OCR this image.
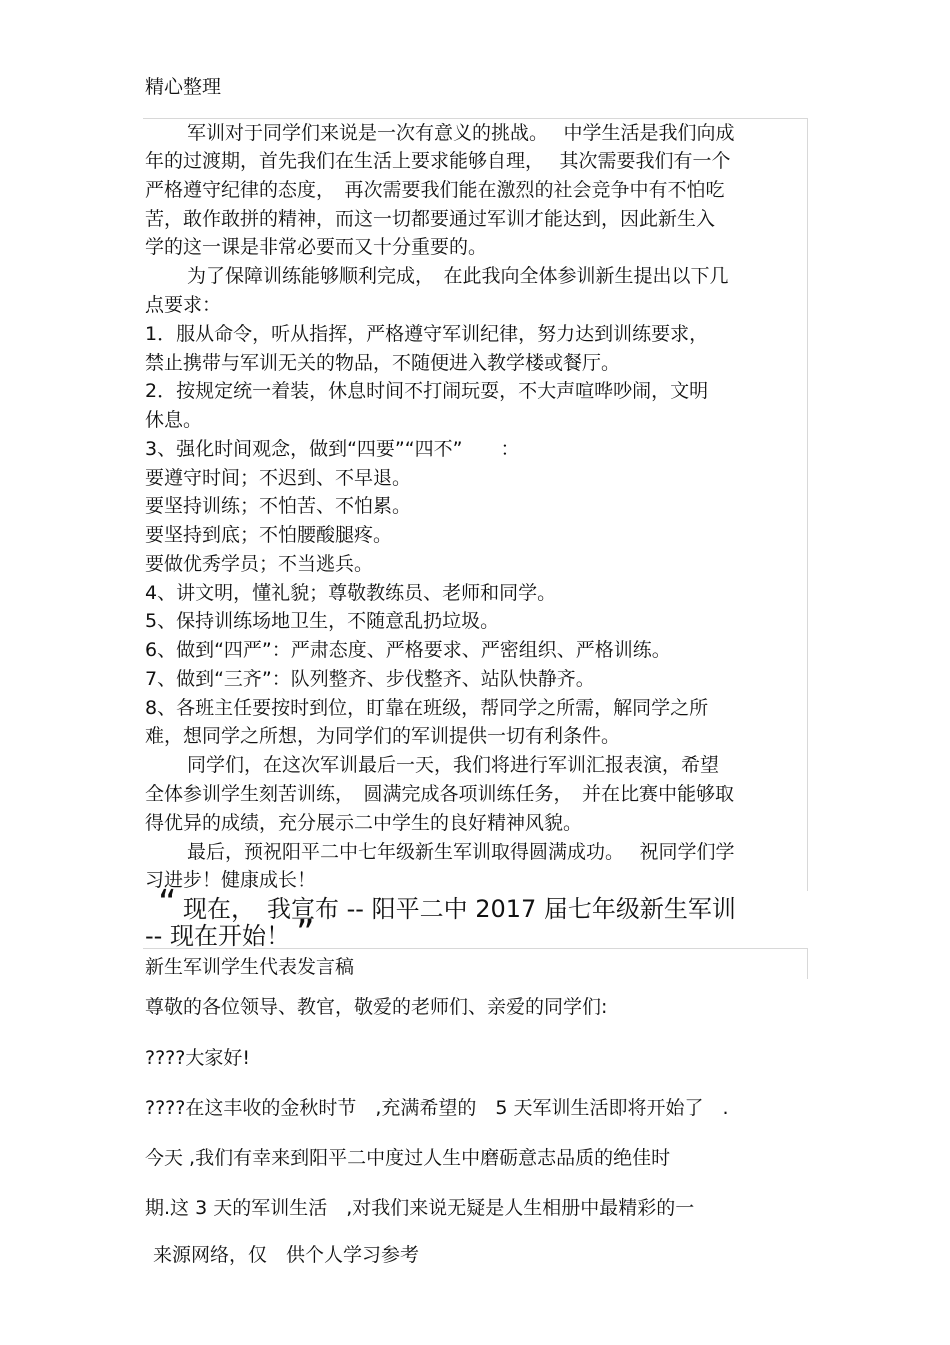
精心整理
军训对于同学们来说是一次有意义的挑战。　 中学生活是我们向成
年的过渡期，首先我们在生活上要求能够自理，　 其次需要我们有一个
严格遵守纪律的态度，　再次需要我们能在激烈的社会竞争中有不怕吃
苦，敢作敢拼的精神，而这一切都要通过军训才能达到，因此新生入
学的这一课是非常必要而又十分重要的。
为了保障训练能够顺利完成，　在此我向全体参训新生提出以下几
点要求：
1．服从命令，听从指挥，严格遵守军训纪律，努力达到训练要求，
禁止携带与军训无关的物品，不随便进入教学楼或餐厅。
2．按规定统一着装，休息时间不打闹玩耍，不大声喧哗吵闹，文明
休息。
3、强化时间观念，做到“四要”“四不”　　：
要遵守时间；不迟到、不早退。
要坚持训练；不怕苦、不怕累。
要坚持到底；不怕腰酸腿疼。
要做优秀学员；不当逃兵。
4、讲文明，懂礼貌；尊敬教练员、老师和同学。
5、保持训练场地卫生，不随意乱扔垃圾。
6、做到“四严”：严肃态度、严格要求、严密组织、严格训练。
7、做到“三齐”：队列整齐、步伐整齐、站队快静齐。
8、各班主任要按时到位，盯靠在班级，帮同学之所需，解同学之所
难，想同学之所想，为同学们的军训提供一切有利条件。
同学们，在这次军训最后一天，我们将进行军训汇报表演，希望
全体参训学生刻苦训练，　圆满完成各项训练任务，　并在比赛中能够取
得优异的成绩，充分展示二中学生的良好精神风貌。
最后，预祝阳平二中七年级新生军训取得圆满成功。　 祝同学们学
习进步！健康成长！
“ 现在，　我宣布 -- 阳平二中 2017 届七年级新生军训
-- 现在开始！ ”
新生军训学生代表发言稿
尊敬的各位领导、教官，敬爱的老师们、亲爱的同学们:
????大家好!
????在这丰收的金秋时节　,充满希望的　5 天军训生活即将开始了　.
今天 ,我们有幸来到阳平二中度过人生中磨砺意志品质的绝佳时
期.这 3 天的军训生活　,对我们来说无疑是人生相册中最精彩的一
来源网络，仅　供个人学习参考
